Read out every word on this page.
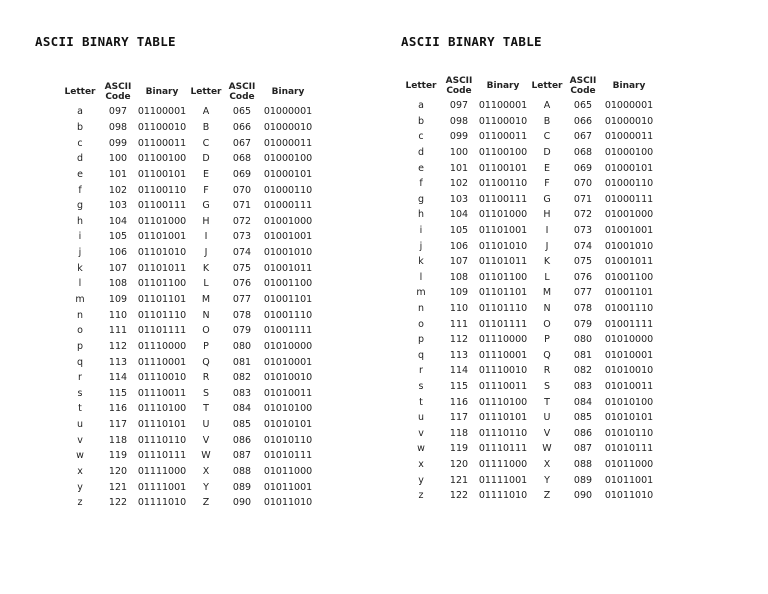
ASCII BINARY TABLE
Letter	ASCII Code	Binary	Letter	ASCII Code	Binary
a	097	01100001	A	065	01000001
b	098	01100010	B	066	01000010
c	099	01100011	C	067	01000011
d	100	01100100	D	068	01000100
e	101	01100101	E	069	01000101
f	102	01100110	F	070	01000110
g	103	01100111	G	071	01000111
h	104	01101000	H	072	01001000
i	105	01101001	I	073	01001001
j	106	01101010	J	074	01001010
k	107	01101011	K	075	01001011
l	108	01101100	L	076	01001100
m	109	01101101	M	077	01001101
n	110	01101110	N	078	01001110
o	111	01101111	O	079	01001111
p	112	01110000	P	080	01010000
q	113	01110001	Q	081	01010001
r	114	01110010	R	082	01010010
s	115	01110011	S	083	01010011
t	116	01110100	T	084	01010100
u	117	01110101	U	085	01010101
v	118	01110110	V	086	01010110
w	119	01110111	W	087	01010111
x	120	01111000	X	088	01011000
y	121	01111001	Y	089	01011001
z	122	01111010	Z	090	01011010
ASCII BINARY TABLE
Letter	ASCII Code	Binary	Letter	ASCII Code	Binary
a	097	01100001	A	065	01000001
b	098	01100010	B	066	01000010
c	099	01100011	C	067	01000011
d	100	01100100	D	068	01000100
e	101	01100101	E	069	01000101
f	102	01100110	F	070	01000110
g	103	01100111	G	071	01000111
h	104	01101000	H	072	01001000
i	105	01101001	I	073	01001001
j	106	01101010	J	074	01001010
k	107	01101011	K	075	01001011
l	108	01101100	L	076	01001100
m	109	01101101	M	077	01001101
n	110	01101110	N	078	01001110
o	111	01101111	O	079	01001111
p	112	01110000	P	080	01010000
q	113	01110001	Q	081	01010001
r	114	01110010	R	082	01010010
s	115	01110011	S	083	01010011
t	116	01110100	T	084	01010100
u	117	01110101	U	085	01010101
v	118	01110110	V	086	01010110
w	119	01110111	W	087	01010111
x	120	01111000	X	088	01011000
y	121	01111001	Y	089	01011001
z	122	01111010	Z	090	01011010
